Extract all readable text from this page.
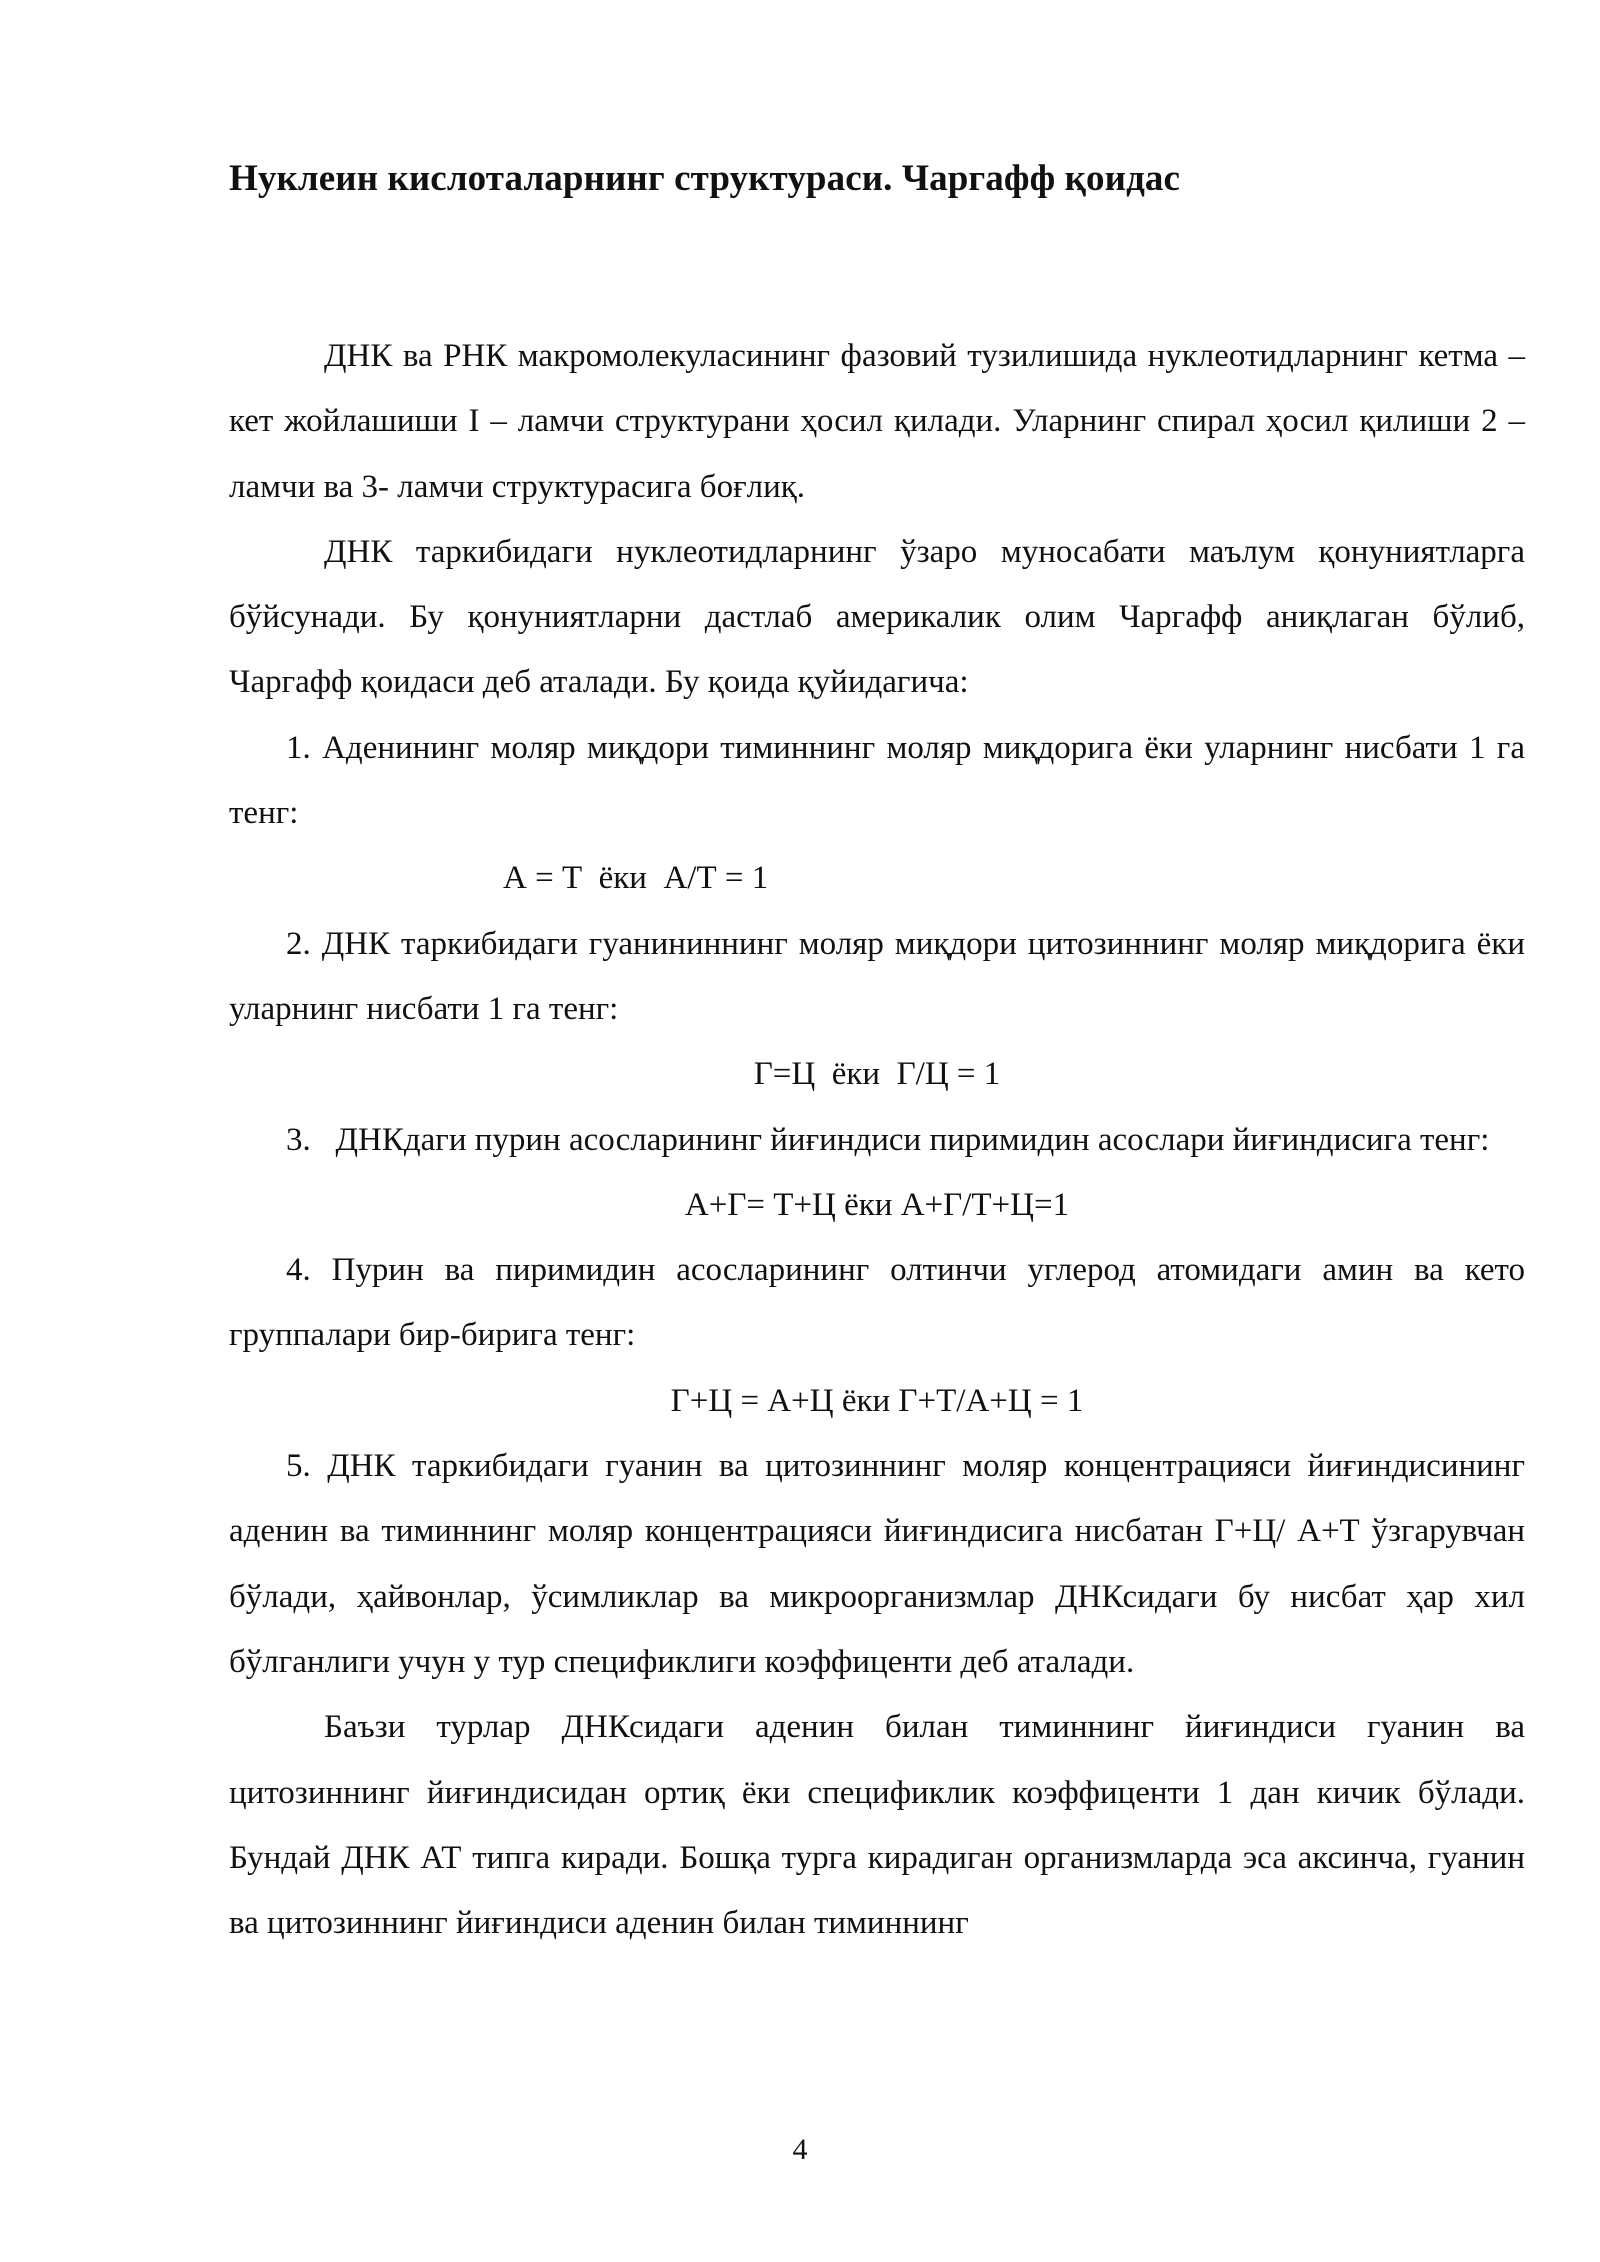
Нуклеин кислоталарнинг структураси. Чаргафф қоидас

ДНК ва РНК макромолекуласининг фазовий тузилишида нуклеотидларнинг кетма – кет жойлашиши I – ламчи структурани ҳосил қилади. Уларнинг спирал ҳосил қилиши 2 – ламчи ва 3- ламчи структурасига боғлиқ.

ДНК таркибидаги нуклеотидларнинг ўзаро муносабати маълум қонуниятларга бўйсунади. Бу қонуниятларни дастлаб америкалик олим Чаргафф аниқлаган бўлиб, Чаргафф қоидаси деб аталади. Бу қоида қуйидагича:

1. Аденининг моляр миқдори тиминнинг моляр миқдорига ёки уларнинг нисбати 1 га тенг:

А = Т  ёки  А/Т = 1

2. ДНК таркибидаги гуанининнинг моляр миқдори цитозиннинг моляр миқдорига ёки уларнинг нисбати 1 га тенг:

Г=Ц  ёки  Г/Ц = 1

3.   ДНКдаги пурин асосларининг йиғиндиси пиримидин асослари йиғиндисига тенг:

А+Г= Т+Ц ёки А+Г/Т+Ц=1

4. Пурин ва пиримидин асосларининг олтинчи углерод атомидаги амин ва кето группалари бир-бирига тенг:

Г+Ц = А+Ц ёки Г+Т/А+Ц = 1

5. ДНК таркибидаги гуанин ва цитозиннинг моляр концентрацияси йиғиндисининг аденин ва тиминнинг моляр концентрацияси йиғиндисига нисбатан Г+Ц/ А+Т ўзгарувчан бўлади, ҳайвонлар, ўсимликлар ва микроорганизмлар ДНКсидаги бу нисбат ҳар хил бўлганлиги учун у тур спецификлиги коэффиценти деб аталади.

Баъзи турлар ДНКсидаги аденин билан тиминнинг йиғиндиси гуанин ва цитозиннинг йиғиндисидан ортиқ ёки спецификлик коэффиценти 1 дан кичик бўлади. Бундай ДНК АТ типга киради. Бошқа турга кирадиган организмларда эса аксинча, гуанин ва цитозиннинг йиғиндиси аденин билан тиминнинг

4
